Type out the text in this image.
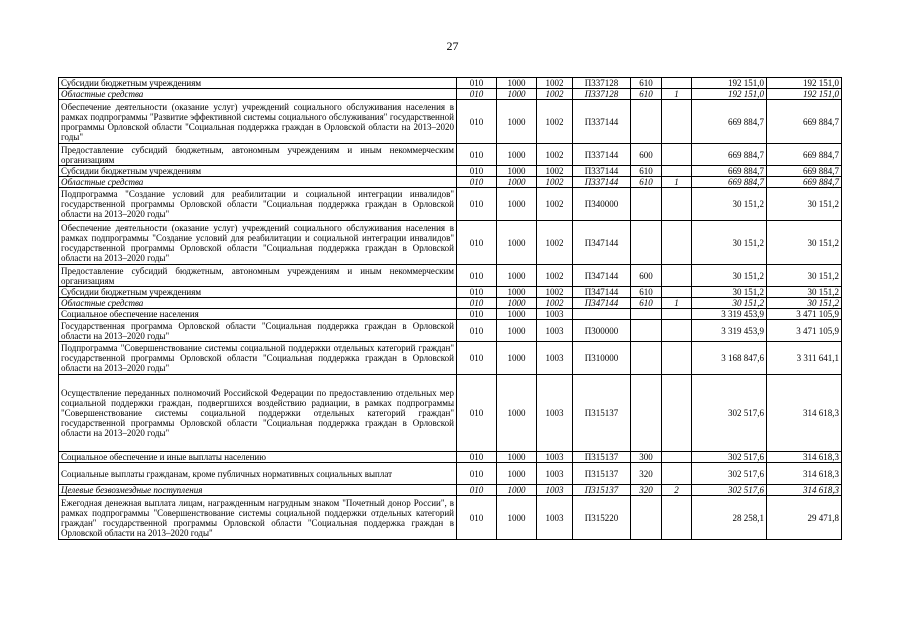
27
Субсидии бюджетным учреждениям	010	1000	1002	П337128	610		192 151,0	192 151,0
Областные средства	010	1000	1002	П337128	610	1	192 151,0	192 151,0
Обеспечение деятельности (оказание услуг) учреждений социального обслуживания населения в рамках подпрограммы "Развитие эффективной системы социального обслуживания" государственной программы Орловской области "Социальная поддержка граждан в Орловской области на 2013–2020 годы"	010	1000	1002	П337144			669 884,7	669 884,7
Предоставление субсидий бюджетным, автономным учреждениям и иным некоммерческим организациям	010	1000	1002	П337144	600		669 884,7	669 884,7
Субсидии бюджетным учреждениям	010	1000	1002	П337144	610		669 884,7	669 884,7
Областные средства	010	1000	1002	П337144	610	1	669 884,7	669 884,7
Подпрограмма "Создание условий для реабилитации и социальной интеграции инвалидов" государственной программы Орловской области "Социальная поддержка граждан в Орловской области на 2013–2020 годы"	010	1000	1002	П340000			30 151,2	30 151,2
Обеспечение деятельности (оказание услуг) учреждений социального обслуживания населения в рамках подпрограммы "Создание условий для реабилитации и социальной интеграции инвалидов" государственной программы Орловской области "Социальная поддержка граждан в Орловской области на 2013–2020 годы"	010	1000	1002	П347144			30 151,2	30 151,2
Предоставление субсидий бюджетным, автономным учреждениям и иным некоммерческим организациям	010	1000	1002	П347144	600		30 151,2	30 151,2
Субсидии бюджетным учреждениям	010	1000	1002	П347144	610		30 151,2	30 151,2
Областные средства	010	1000	1002	П347144	610	1	30 151,2	30 151,2
Социальное обеспечение населения	010	1000	1003				3 319 453,9	3 471 105,9
Государственная программа Орловской области "Социальная поддержка граждан в Орловской области на 2013–2020 годы"	010	1000	1003	П300000			3 319 453,9	3 471 105,9
Подпрограмма "Совершенствование системы социальной поддержки отдельных категорий граждан" государственной программы Орловской области "Социальная поддержка граждан в Орловской области на 2013–2020 годы"	010	1000	1003	П310000			3 168 847,6	3 311 641,1
Осуществление переданных полномочий Российской Федерации по предоставлению отдельных мер социальной поддержки граждан, подвергшихся воздействию радиации, в рамках подпрограммы "Совершенствование системы социальной поддержки отдельных категорий граждан" государственной программы Орловской области "Социальная поддержка граждан в Орловской области на 2013–2020 годы"	010	1000	1003	П315137			302 517,6	314 618,3
Социальное обеспечение и иные выплаты населению	010	1000	1003	П315137	300		302 517,6	314 618,3
Социальные выплаты гражданам, кроме публичных нормативных социальных выплат	010	1000	1003	П315137	320		302 517,6	314 618,3
Целевые безвозмездные поступления	010	1000	1003	П315137	320	2	302 517,6	314 618,3
Ежегодная денежная выплата лицам, награжденным нагрудным знаком "Почетный донор России", в рамках подпрограммы "Совершенствование системы социальной поддержки отдельных категорий граждан" государственной программы Орловской области "Социальная поддержка граждан в Орловской области на 2013–2020 годы"	010	1000	1003	П315220			28 258,1	29 471,8
